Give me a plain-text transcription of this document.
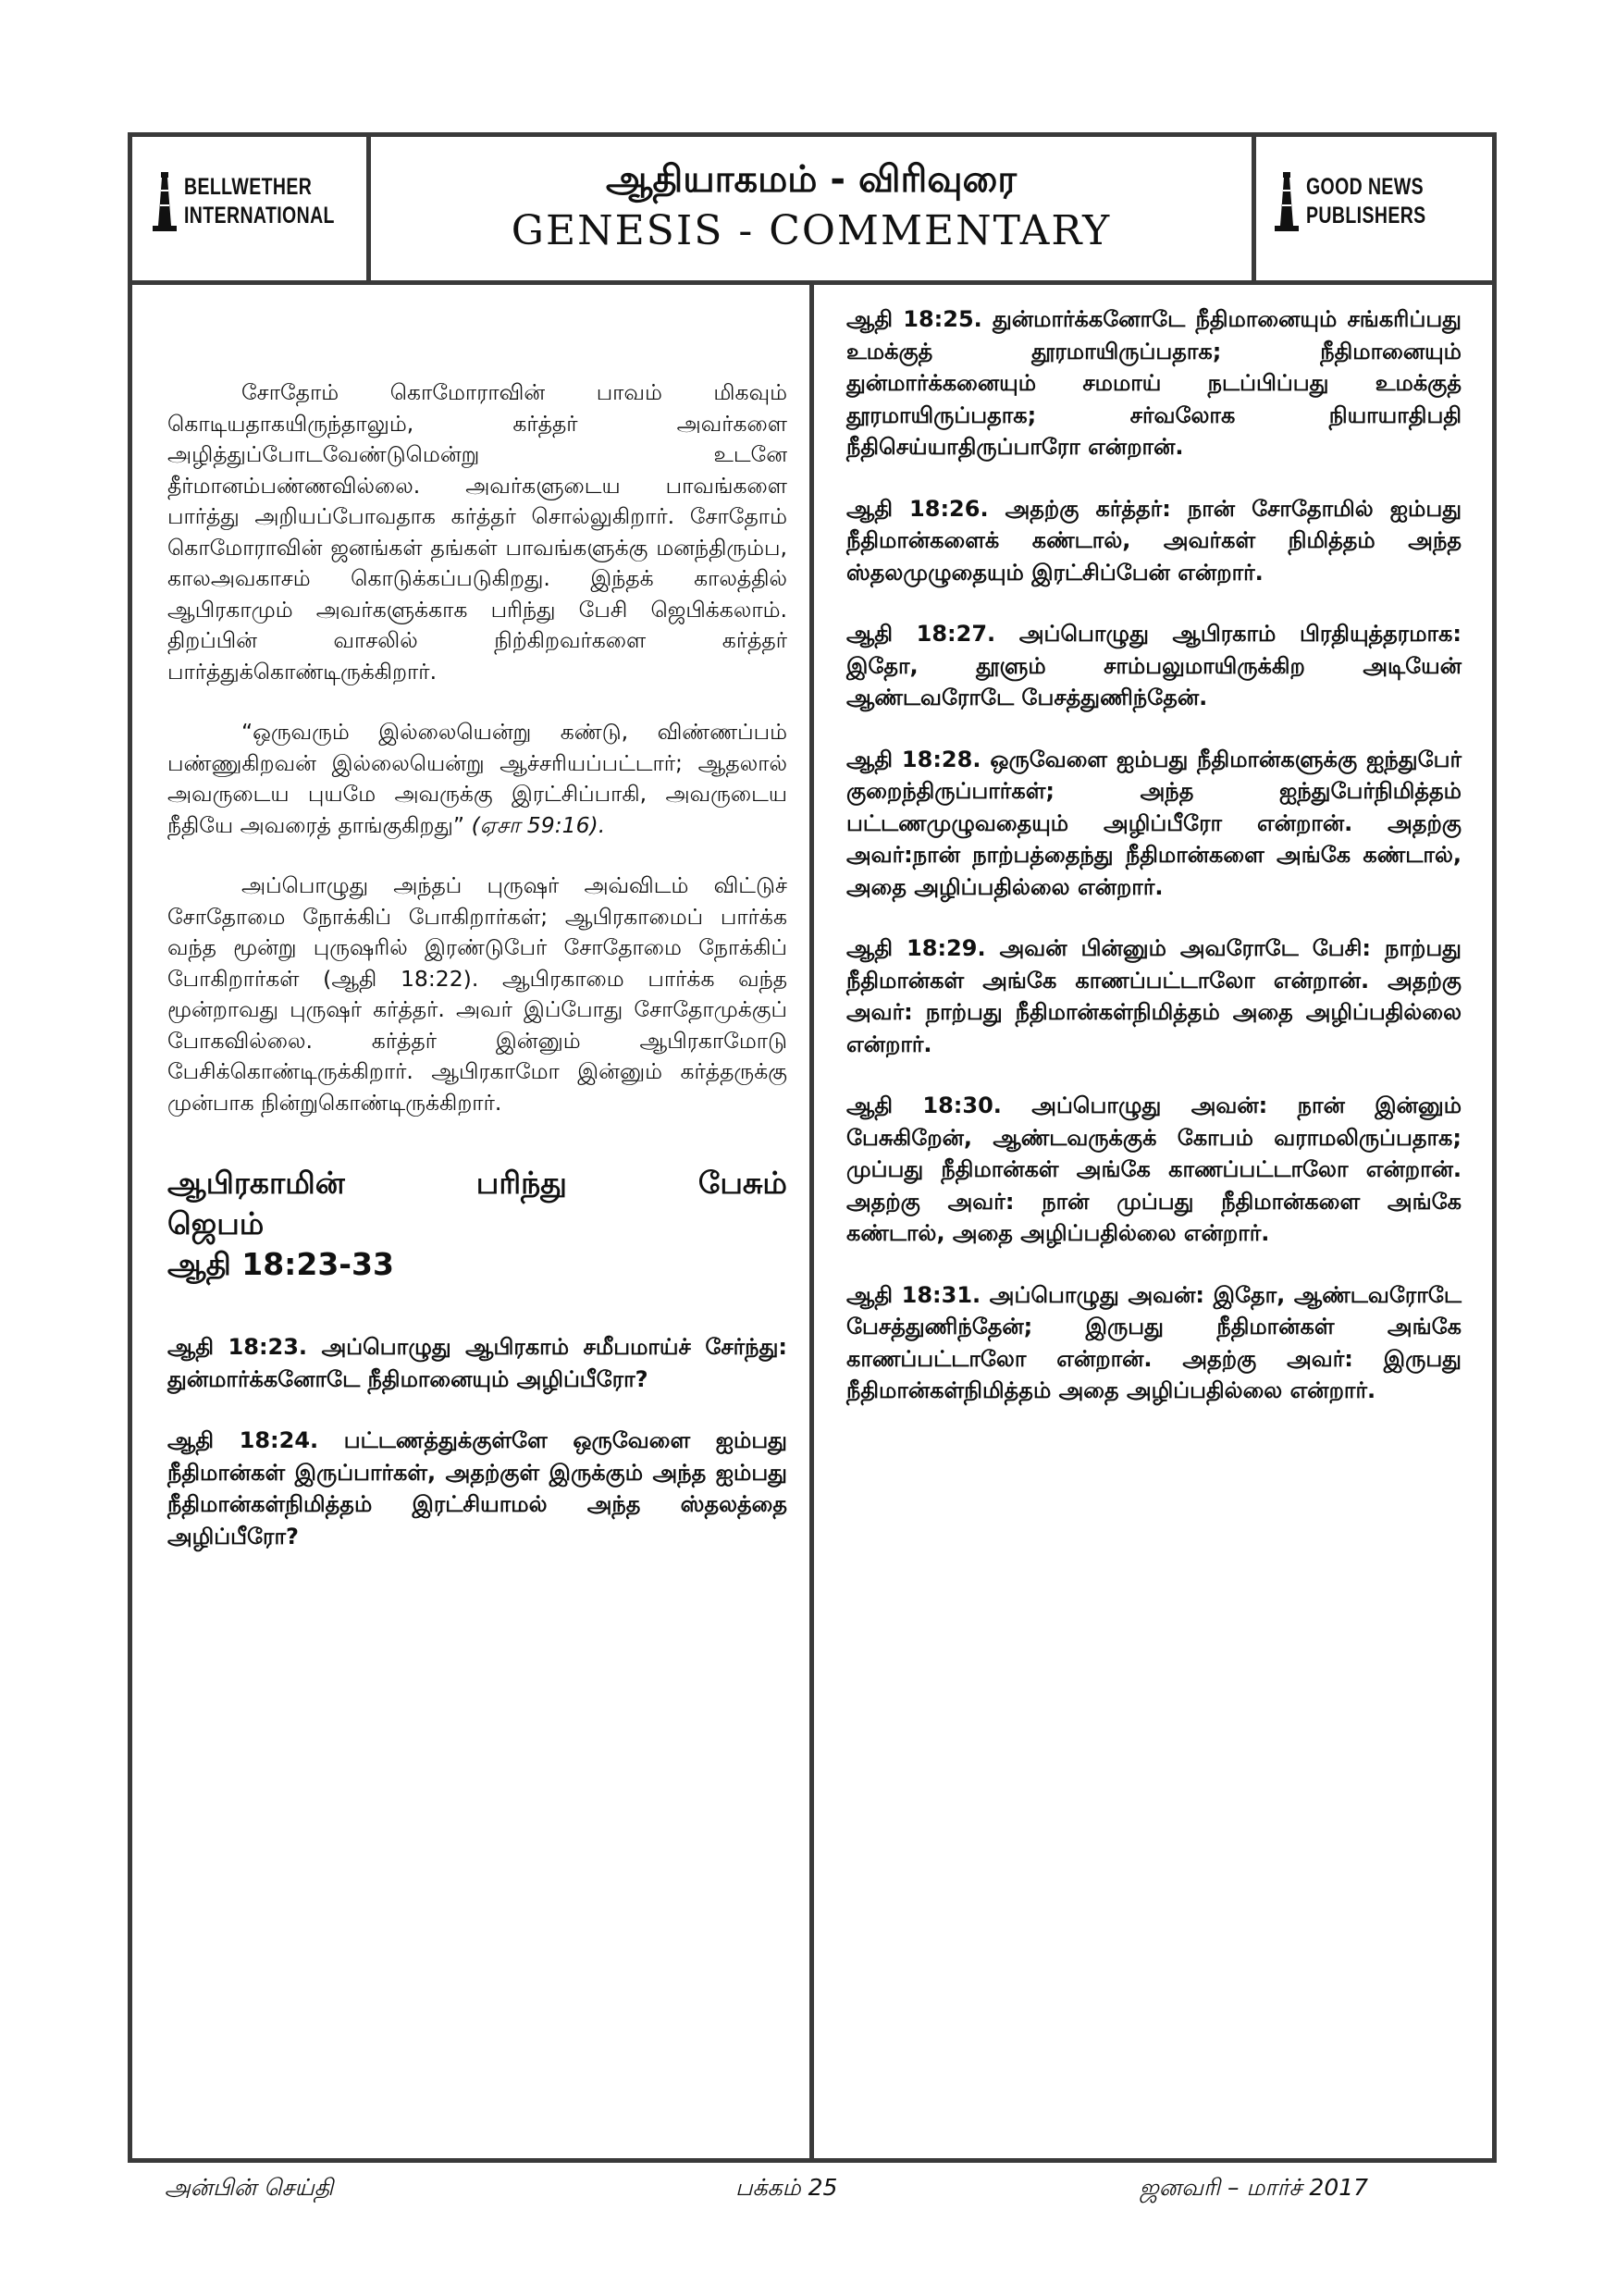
BELLWETHER
INTERNATIONAL
ஆதியாகமம் - விரிவுரை
GENESIS - COMMENTARY
GOOD NEWS
PUBLISHERS

சோதோம் கொமோராவின் பாவம் மிகவும் கொடியதாகயிருந்தாலும், கர்த்தர் அவர்களை அழித்துப்போடவேண்டுமென்று உடனே தீர்மானம்பண்ணவில்லை. அவர்களுடைய பாவங்களை பார்த்து அறியப்போவதாக கர்த்தர் சொல்லுகிறார். சோதோம் கொமோராவின் ஜனங்கள் தங்கள் பாவங்களுக்கு மனந்திரும்ப, காலஅவகாசம் கொடுக்கப்படுகிறது. இந்தக் காலத்தில் ஆபிரகாமும் அவர்களுக்காக பரிந்து பேசி ஜெபிக்கலாம். திறப்பின் வாசலில் நிற்கிறவர்களை கர்த்தர் பார்த்துக்கொண்டிருக்கிறார்.

“ஒருவரும் இல்லையென்று கண்டு, விண்ணப்பம் பண்ணுகிறவன் இல்லையென்று ஆச்சரியப்பட்டார்; ஆதலால் அவருடைய புயமே அவருக்கு இரட்சிப்பாகி, அவருடைய நீதியே அவரைத் தாங்குகிறது” (ஏசா 59:16).

அப்பொழுது அந்தப் புருஷர் அவ்விடம் விட்டுச் சோதோமை நோக்கிப் போகிறார்கள்; ஆபிரகாமைப் பார்க்க வந்த மூன்று புருஷரில் இரண்டுபேர் சோதோமை நோக்கிப் போகிறார்கள் (ஆதி 18:22). ஆபிரகாமை பார்க்க வந்த மூன்றாவது புருஷர் கர்த்தர். அவர் இப்போது சோதோமுக்குப் போகவில்லை. கர்த்தர் இன்னும் ஆபிரகாமோடு பேசிக்கொண்டிருக்கிறார். ஆபிரகாமோ இன்னும் கர்த்தருக்கு முன்பாக நின்றுகொண்டிருக்கிறார்.

ஆபிரகாமின்	பரிந்து	பேசும்
ஜெபம்
ஆதி 18:23-33

ஆதி 18:23. அப்பொழுது ஆபிரகாம் சமீபமாய்ச் சேர்ந்து: துன்மார்க்கனோடே நீதிமானையும் அழிப்பீரோ?

ஆதி 18:24. பட்டணத்துக்குள்ளே ஒருவேளை ஐம்பது நீதிமான்கள் இருப்பார்கள், அதற்குள் இருக்கும் அந்த ஐம்பது நீதிமான்கள்நிமித்தம் இரட்சியாமல் அந்த ஸ்தலத்தை அழிப்பீரோ?

ஆதி 18:25. துன்மார்க்கனோடே நீதிமானையும் சங்கரிப்பது உமக்குத் தூரமாயிருப்பதாக; நீதிமானையும் துன்மார்க்கனையும் சமமாய் நடப்பிப்பது உமக்குத் தூரமாயிருப்பதாக; சர்வலோக நியாயாதிபதி நீதிசெய்யாதிருப்பாரோ என்றான்.

ஆதி 18:26. அதற்கு கர்த்தர்: நான் சோதோமில் ஐம்பது நீதிமான்களைக் கண்டால், அவர்கள் நிமித்தம் அந்த ஸ்தலமுழுதையும் இரட்சிப்பேன் என்றார்.

ஆதி 18:27. அப்பொழுது ஆபிரகாம் பிரதியுத்தரமாக: இதோ, தூளும் சாம்பலுமாயிருக்கிற அடியேன் ஆண்டவரோடே பேசத்துணிந்தேன்.

ஆதி 18:28. ஒருவேளை ஐம்பது நீதிமான்களுக்கு ஐந்துபேர் குறைந்திருப்பார்கள்; அந்த ஐந்துபேர்நிமித்தம் பட்டணமுழுவதையும் அழிப்பீரோ என்றான். அதற்கு அவர்:நான் நாற்பத்தைந்து நீதிமான்களை அங்கே கண்டால், அதை அழிப்பதில்லை என்றார்.

ஆதி 18:29. அவன் பின்னும் அவரோடே பேசி: நாற்பது நீதிமான்கள் அங்கே காணப்பட்டாலோ என்றான். அதற்கு அவர்: நாற்பது நீதிமான்கள்நிமித்தம் அதை அழிப்பதில்லை என்றார்.

ஆதி 18:30. அப்பொழுது அவன்: நான் இன்னும் பேசுகிறேன், ஆண்டவருக்குக் கோபம் வராமலிருப்பதாக; முப்பது நீதிமான்கள் அங்கே காணப்பட்டாலோ என்றான். அதற்கு அவர்: நான் முப்பது நீதிமான்களை அங்கே கண்டால், அதை அழிப்பதில்லை என்றார்.

ஆதி 18:31. அப்பொழுது அவன்: இதோ, ஆண்டவரோடே பேசத்துணிந்தேன்; இருபது நீதிமான்கள் அங்கே காணப்பட்டாலோ என்றான். அதற்கு அவர்: இருபது நீதிமான்கள்நிமித்தம் அதை அழிப்பதில்லை என்றார்.

அன்பின் செய்தி	பக்கம் 25	ஜனவரி – மார்ச் 2017
